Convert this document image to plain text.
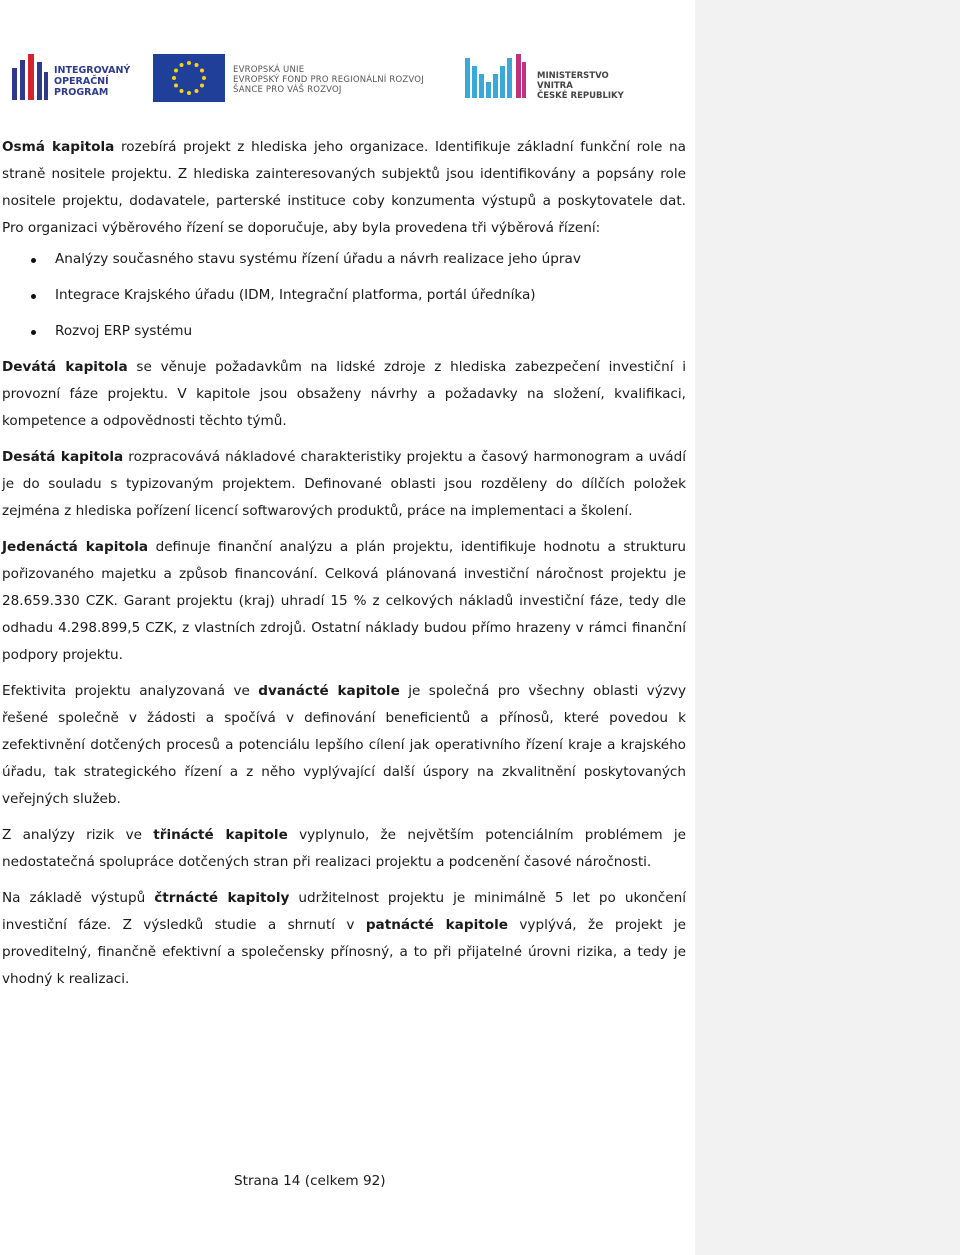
INTEGROVANÝ
OPERAČNÍ
PROGRAM
EVROPSKÁ UNIE
EVROPSKÝ FOND PRO REGIONÁLNÍ ROZVOJ
ŠANCE PRO VÁŠ ROZVOJ
MINISTERSTVO VNITRA
ČESKÉ REPUBLIKY

Osmá kapitola rozebírá projekt z hlediska jeho organizace. Identifikuje základní funkční role na straně nositele projektu. Z hlediska zainteresovaných subjektů jsou identifikovány a popsány role nositele projektu, dodavatele, parterské instituce coby konzumenta výstupů a poskytovatele dat. Pro organizaci výběrového řízení se doporučuje, aby byla provedena tři výběrová řízení:

Analýzy současného stavu systému řízení úřadu a návrh realizace jeho úprav
Integrace Krajského úřadu (IDM, Integrační platforma, portál úředníka)
Rozvoj ERP systému

Devátá kapitola se věnuje požadavkům na lidské zdroje z hlediska zabezpečení investiční i provozní fáze projektu. V kapitole jsou obsaženy návrhy a požadavky na složení, kvalifikaci, kompetence a odpovědnosti těchto týmů.

Desátá kapitola rozpracovává nákladové charakteristiky projektu a časový harmonogram a uvádí je do souladu s typizovaným projektem. Definované oblasti jsou rozděleny do dílčích položek zejména z hlediska pořízení licencí softwarových produktů, práce na implementaci a školení.

Jedenáctá kapitola definuje finanční analýzu a plán projektu, identifikuje hodnotu a strukturu pořizovaného majetku a způsob financování. Celková plánovaná investiční náročnost projektu je 28.659.330 CZK. Garant projektu (kraj) uhradí 15 % z celkových nákladů investiční fáze, tedy dle odhadu 4.298.899,5 CZK, z vlastních zdrojů. Ostatní náklady budou přímo hrazeny v rámci finanční podpory projektu.

Efektivita projektu analyzovaná ve dvanácté kapitole je společná pro všechny oblasti výzvy řešené společně v žádosti a spočívá v definování beneficientů a přínosů, které povedou k zefektivnění dotčených procesů a potenciálu lepšího cílení jak operativního řízení kraje a krajského úřadu, tak strategického řízení a z něho vyplývající další úspory na zkvalitnění poskytovaných veřejných služeb.

Z analýzy rizik ve třinácté kapitole vyplynulo, že největším potenciálním problémem je nedostatečná spolupráce dotčených stran při realizaci projektu a podcenění časové náročnosti.

Na základě výstupů čtrnácté kapitoly udržitelnost projektu je minimálně 5 let po ukončení investiční fáze. Z výsledků studie a shrnutí v patnácté kapitole vyplývá, že projekt je proveditelný, finančně efektivní a společensky přínosný, a to při přijatelné úrovni rizika, a tedy je vhodný k realizaci.

Strana 14 (celkem 92)
